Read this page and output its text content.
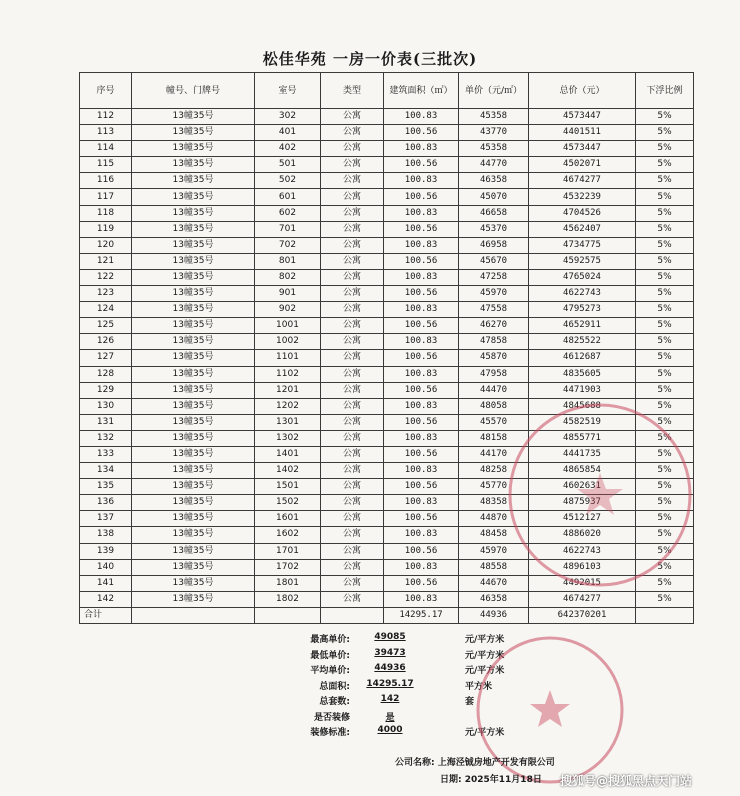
松佳华苑 一房一价表(三批次)
序号	幢号、门牌号	室号	类型	建筑面积（㎡）	单价（元/㎡）	总价（元）	下浮比例
112	13幢35号	302	公寓	100.83	45358	4573447	5%
113	13幢35号	401	公寓	100.56	43770	4401511	5%
114	13幢35号	402	公寓	100.83	45358	4573447	5%
115	13幢35号	501	公寓	100.56	44770	4502071	5%
116	13幢35号	502	公寓	100.83	46358	4674277	5%
117	13幢35号	601	公寓	100.56	45070	4532239	5%
118	13幢35号	602	公寓	100.83	46658	4704526	5%
119	13幢35号	701	公寓	100.56	45370	4562407	5%
120	13幢35号	702	公寓	100.83	46958	4734775	5%
121	13幢35号	801	公寓	100.56	45670	4592575	5%
122	13幢35号	802	公寓	100.83	47258	4765024	5%
123	13幢35号	901	公寓	100.56	45970	4622743	5%
124	13幢35号	902	公寓	100.83	47558	4795273	5%
125	13幢35号	1001	公寓	100.56	46270	4652911	5%
126	13幢35号	1002	公寓	100.83	47858	4825522	5%
127	13幢35号	1101	公寓	100.56	45870	4612687	5%
128	13幢35号	1102	公寓	100.83	47958	4835605	5%
129	13幢35号	1201	公寓	100.56	44470	4471903	5%
130	13幢35号	1202	公寓	100.83	48058	4845688	5%
131	13幢35号	1301	公寓	100.56	45570	4582519	5%
132	13幢35号	1302	公寓	100.83	48158	4855771	5%
133	13幢35号	1401	公寓	100.56	44170	4441735	5%
134	13幢35号	1402	公寓	100.83	48258	4865854	5%
135	13幢35号	1501	公寓	100.56	45770	4602631	5%
136	13幢35号	1502	公寓	100.83	48358	4875937	5%
137	13幢35号	1601	公寓	100.56	44870	4512127	5%
138	13幢35号	1602	公寓	100.83	48458	4886020	5%
139	13幢35号	1701	公寓	100.56	45970	4622743	5%
140	13幢35号	1702	公寓	100.83	48558	4896103	5%
141	13幢35号	1801	公寓	100.56	44670	4492015	5%
142	13幢35号	1802	公寓	100.83	46358	4674277	5%
合计				14295.17	44936	642370201	
最高单价:	49085	元/平方米
最低单价:	39473	元/平方米
平均单价:	44936	元/平方米
总面积:	14295.17	平方米
总套数:	142	套
是否装修	是
装修标准:	4000	元/平方米
公司名称: 上海泾铖房地产开发有限公司
日期: 2025年11月18日 搜狐号@搜狐黑点天门站
